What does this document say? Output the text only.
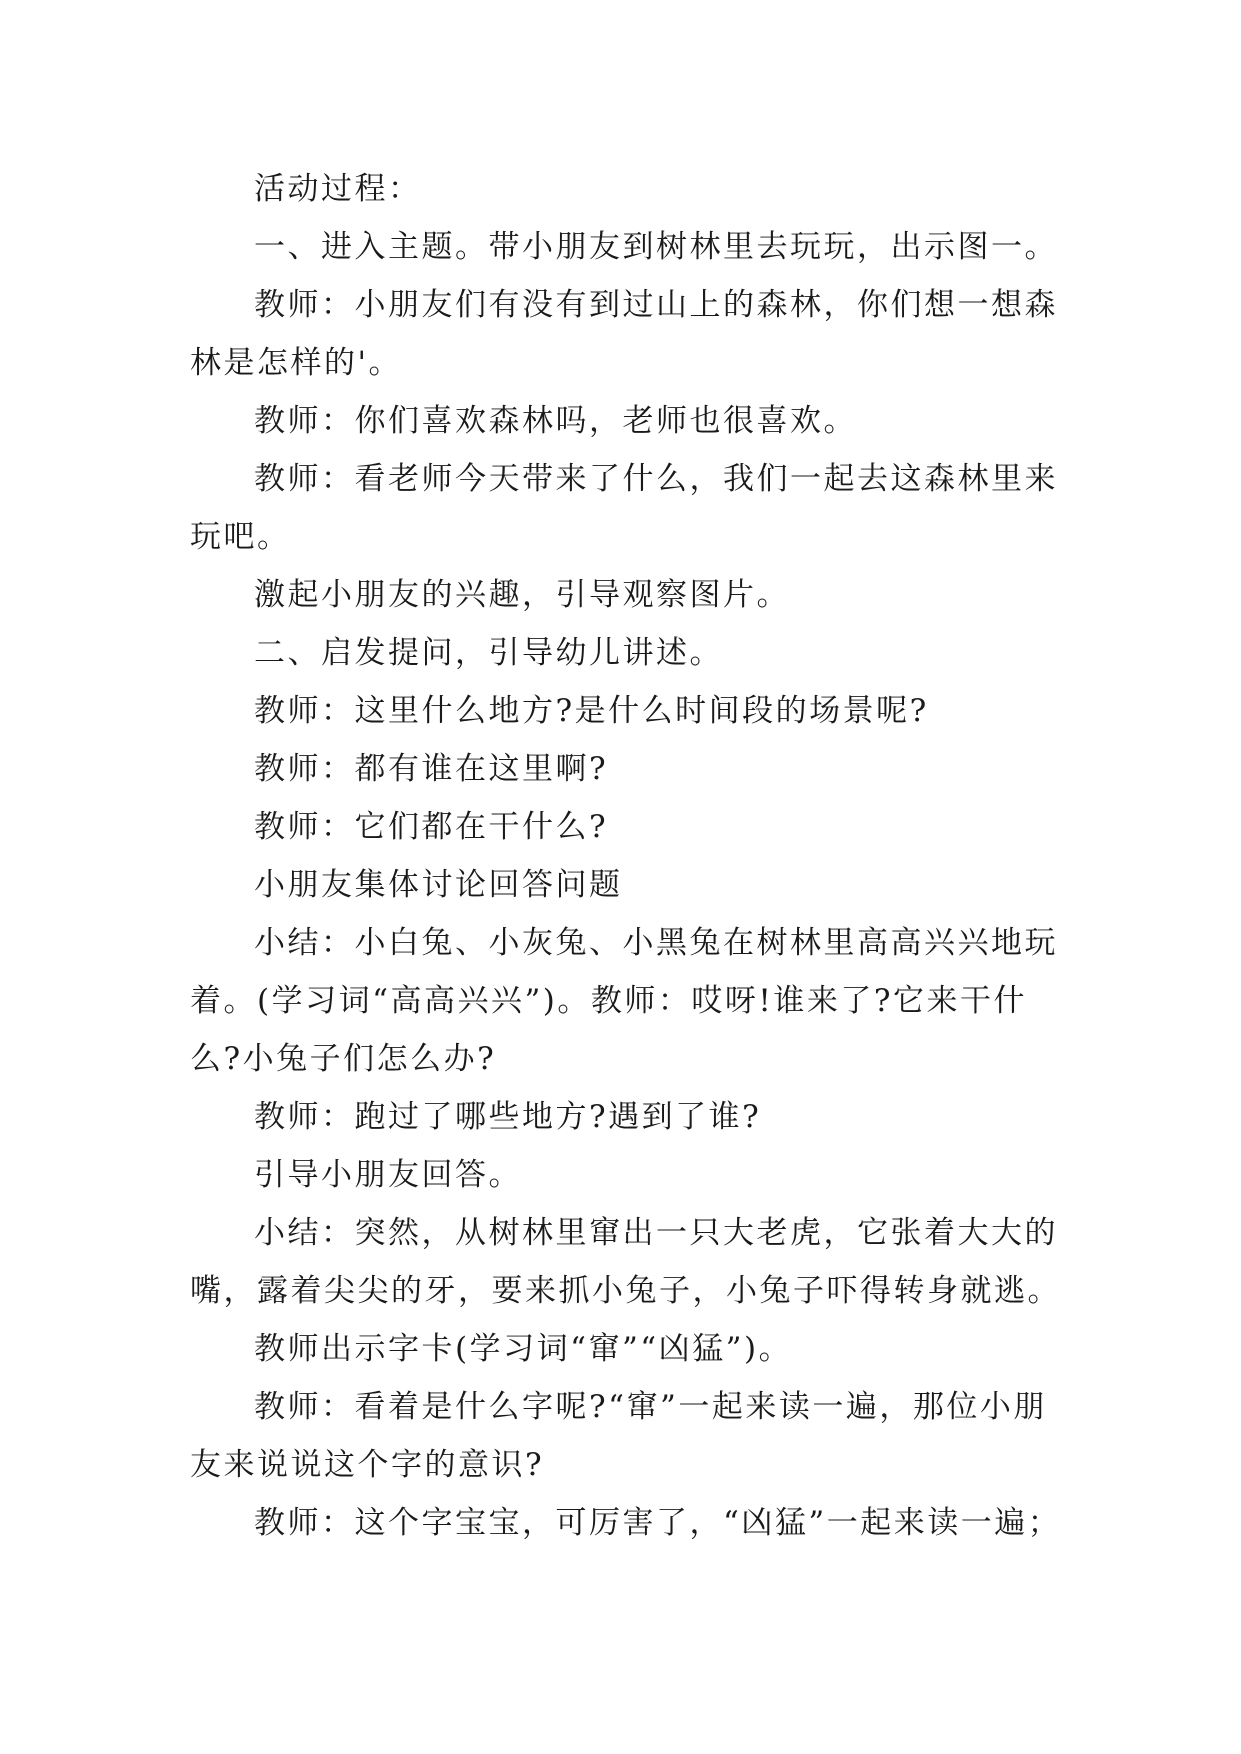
活动过程：

一、进入主题。带小朋友到树林里去玩玩，出示图一。

教师：小朋友们有没有到过山上的森林，你们想一想森林是怎样的'。

教师：你们喜欢森林吗，老师也很喜欢。

教师：看老师今天带来了什么，我们一起去这森林里来玩吧。

激起小朋友的兴趣，引导观察图片。

二、启发提问，引导幼儿讲述。

教师：这里什么地方?是什么时间段的场景呢?

教师：都有谁在这里啊?

教师：它们都在干什么?

小朋友集体讨论回答问题

小结：小白兔、小灰兔、小黑兔在树林里高高兴兴地玩着。(学习词“高高兴兴”)。教师：哎呀!谁来了?它来干什么?小兔子们怎么办?

教师：跑过了哪些地方?遇到了谁?

引导小朋友回答。

小结：突然，从树林里窜出一只大老虎，它张着大大的嘴，露着尖尖的牙，要来抓小兔子，小兔子吓得转身就逃。

教师出示字卡(学习词“窜”“凶猛”)。

教师：看着是什么字呢?“窜”一起来读一遍，那位小朋友来说说这个字的意识?

教师：这个字宝宝，可厉害了，“凶猛”一起来读一遍；
